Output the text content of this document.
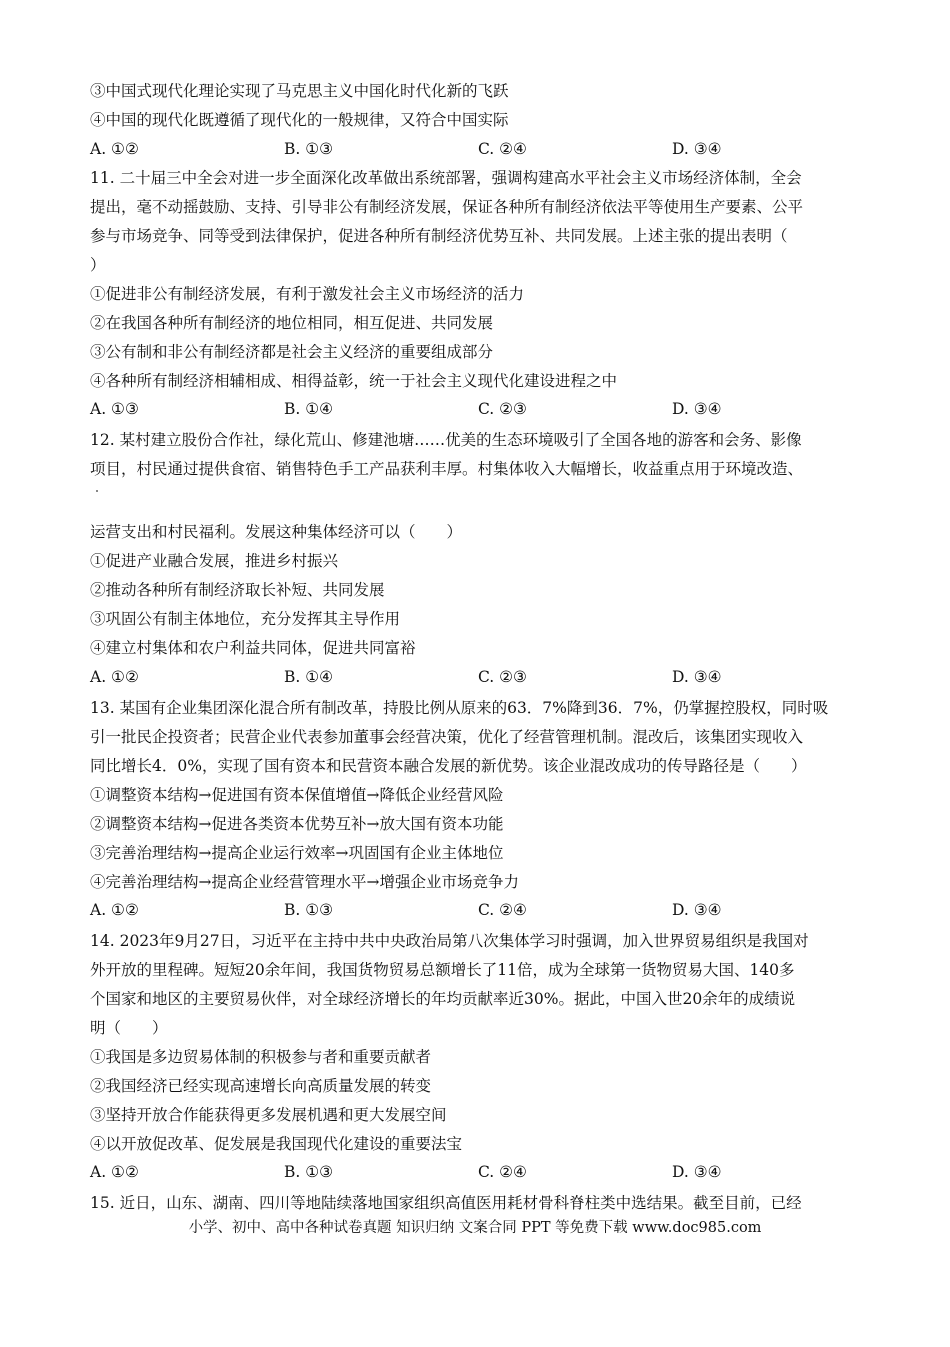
③中国式现代化理论实现了马克思主义中国化时代化新的飞跃
④中国的现代化既遵循了现代化的一般规律，又符合中国实际
A. ①②	B. ①③	C. ②④	D. ③④
11. 二十届三中全会对进一步全面深化改革做出系统部署，强调构建高水平社会主义市场经济体制，全会
提出，毫不动摇鼓励、支持、引导非公有制经济发展，保证各种所有制经济依法平等使用生产要素、公平
参与市场竞争、同等受到法律保护，促进各种所有制经济优势互补、共同发展。上述主张的提出表明（
）
①促进非公有制经济发展，有利于激发社会主义市场经济的活力
②在我国各种所有制经济的地位相同，相互促进、共同发展
③公有制和非公有制经济都是社会主义经济的重要组成部分
④各种所有制经济相辅相成、相得益彰，统一于社会主义现代化建设进程之中
A. ①③	B. ①④	C. ②③	D. ③④
12. 某村建立股份合作社，绿化荒山、修建池塘……优美的生态环境吸引了全国各地的游客和会务、影像
项目，村民通过提供食宿、销售特色手工产品获利丰厚。村集体收入大幅增长，收益重点用于环境改造、
运营支出和村民福利。发展这种集体经济可以（　　）
①促进产业融合发展，推进乡村振兴
②推动各种所有制经济取长补短、共同发展
③巩固公有制主体地位，充分发挥其主导作用
④建立村集体和农户利益共同体，促进共同富裕
A. ①②	B. ①④	C. ②③	D. ③④
13. 某国有企业集团深化混合所有制改革，持股比例从原来的63．7%降到36．7%，仍掌握控股权，同时吸
引一批民企投资者；民营企业代表参加董事会经营决策，优化了经营管理机制。混改后，该集团实现收入
同比增长4．0%，实现了国有资本和民营资本融合发展的新优势。该企业混改成功的传导路径是（　　）
①调整资本结构→促进国有资本保值增值→降低企业经营风险
②调整资本结构→促进各类资本优势互补→放大国有资本功能
③完善治理结构→提高企业运行效率→巩固国有企业主体地位
④完善治理结构→提高企业经营管理水平→增强企业市场竞争力
A. ①②	B. ①③	C. ②④	D. ③④
14. 2023年9月27日，习近平在主持中共中央政治局第八次集体学习时强调，加入世界贸易组织是我国对
外开放的里程碑。短短20余年间，我国货物贸易总额增长了11倍，成为全球第一货物贸易大国、140多
个国家和地区的主要贸易伙伴，对全球经济增长的年均贡献率近30%。据此，中国入世20余年的成绩说
明（　　）
①我国是多边贸易体制的积极参与者和重要贡献者
②我国经济已经实现高速增长向高质量发展的转变
③坚持开放合作能获得更多发展机遇和更大发展空间
④以开放促改革、促发展是我国现代化建设的重要法宝
A. ①②	B. ①③	C. ②④	D. ③④
15. 近日，山东、湖南、四川等地陆续落地国家组织高值医用耗材骨科脊柱类中选结果。截至目前，已经
小学、初中、高中各种试卷真题 知识归纳 文案合同 PPT 等免费下载 www.doc985.com
